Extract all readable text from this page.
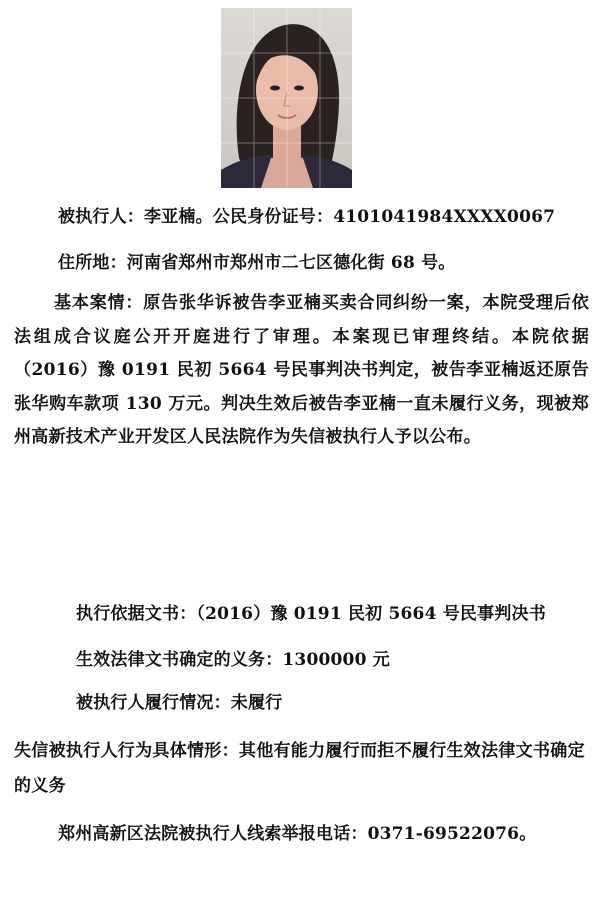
被执行人：李亚楠。公民身份证号：4101041984XXXX0067
住所地：河南省郑州市郑州市二七区德化街 68 号。
基本案情：原告张华诉被告李亚楠买卖合同纠纷一案，本院受理后依法组成合议庭公开开庭进行了审理。本案现已审理终结。本院依据（2016）豫 0191 民初 5664 号民事判决书判定，被告李亚楠返还原告张华购车款项 130 万元。判决生效后被告李亚楠一直未履行义务，现被郑州高新技术产业开发区人民法院作为失信被执行人予以公布。
执行依据文书：（2016）豫 0191 民初 5664 号民事判决书
生效法律文书确定的义务：1300000 元
被执行人履行情况：未履行
失信被执行人行为具体情形：其他有能力履行而拒不履行生效法律文书确定的义务
郑州高新区法院被执行人线索举报电话：0371-69522076。
